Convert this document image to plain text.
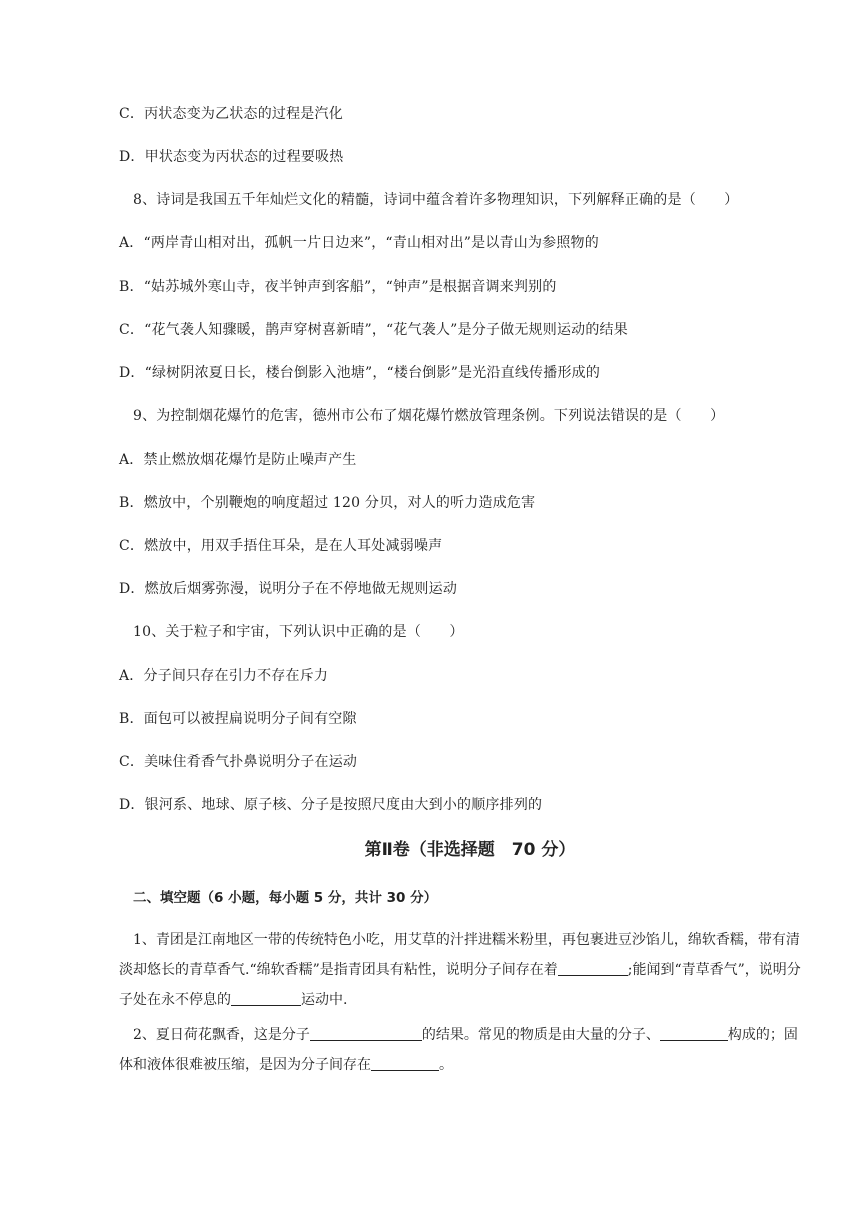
C．丙状态变为乙状态的过程是汽化
D．甲状态变为丙状态的过程要吸热
8、诗词是我国五千年灿烂文化的精髓，诗词中蕴含着许多物理知识，下列解释正确的是（　　）
A．“两岸青山相对出，孤帆一片日边来”，“青山相对出”是以青山为参照物的
B．“姑苏城外寒山寺，夜半钟声到客船”，“钟声”是根据音调来判别的
C．“花气袭人知骤暖，鹊声穿树喜新晴”，“花气袭人”是分子做无规则运动的结果
D．“绿树阴浓夏日长，楼台倒影入池塘”，“楼台倒影”是光沿直线传播形成的
9、为控制烟花爆竹的危害，德州市公布了烟花爆竹燃放管理条例。下列说法错误的是（　　）
A．禁止燃放烟花爆竹是防止噪声产生
B．燃放中，个别鞭炮的响度超过 120 分贝，对人的听力造成危害
C．燃放中，用双手捂住耳朵，是在人耳处减弱噪声
D．燃放后烟雾弥漫，说明分子在不停地做无规则运动
10、关于粒子和宇宙，下列认识中正确的是（　　）
A．分子间只存在引力不存在斥力
B．面包可以被捏扁说明分子间有空隙
C．美味住肴香气扑鼻说明分子在运动
D．银河系、地球、原子核、分子是按照尺度由大到小的顺序排列的
第Ⅱ卷（非选择题　70 分）
二、填空题（6 小题，每小题 5 分，共计 30 分）
1、青团是江南地区一带的传统特色小吃，用艾草的汁拌进糯米粉里，再包裹进豆沙馅儿，绵软香糯，带有清淡却悠长的青草香气.“绵软香糯”是指青团具有粘性，说明分子间存在着	;能闻到“青草香气”，说明分子处在永不停息的	运动中.
2、夏日荷花飘香，这是分子	的结果。常见的物质是由大量的分子、	构成的；固体和液体很难被压缩，是因为分子间存在	。
